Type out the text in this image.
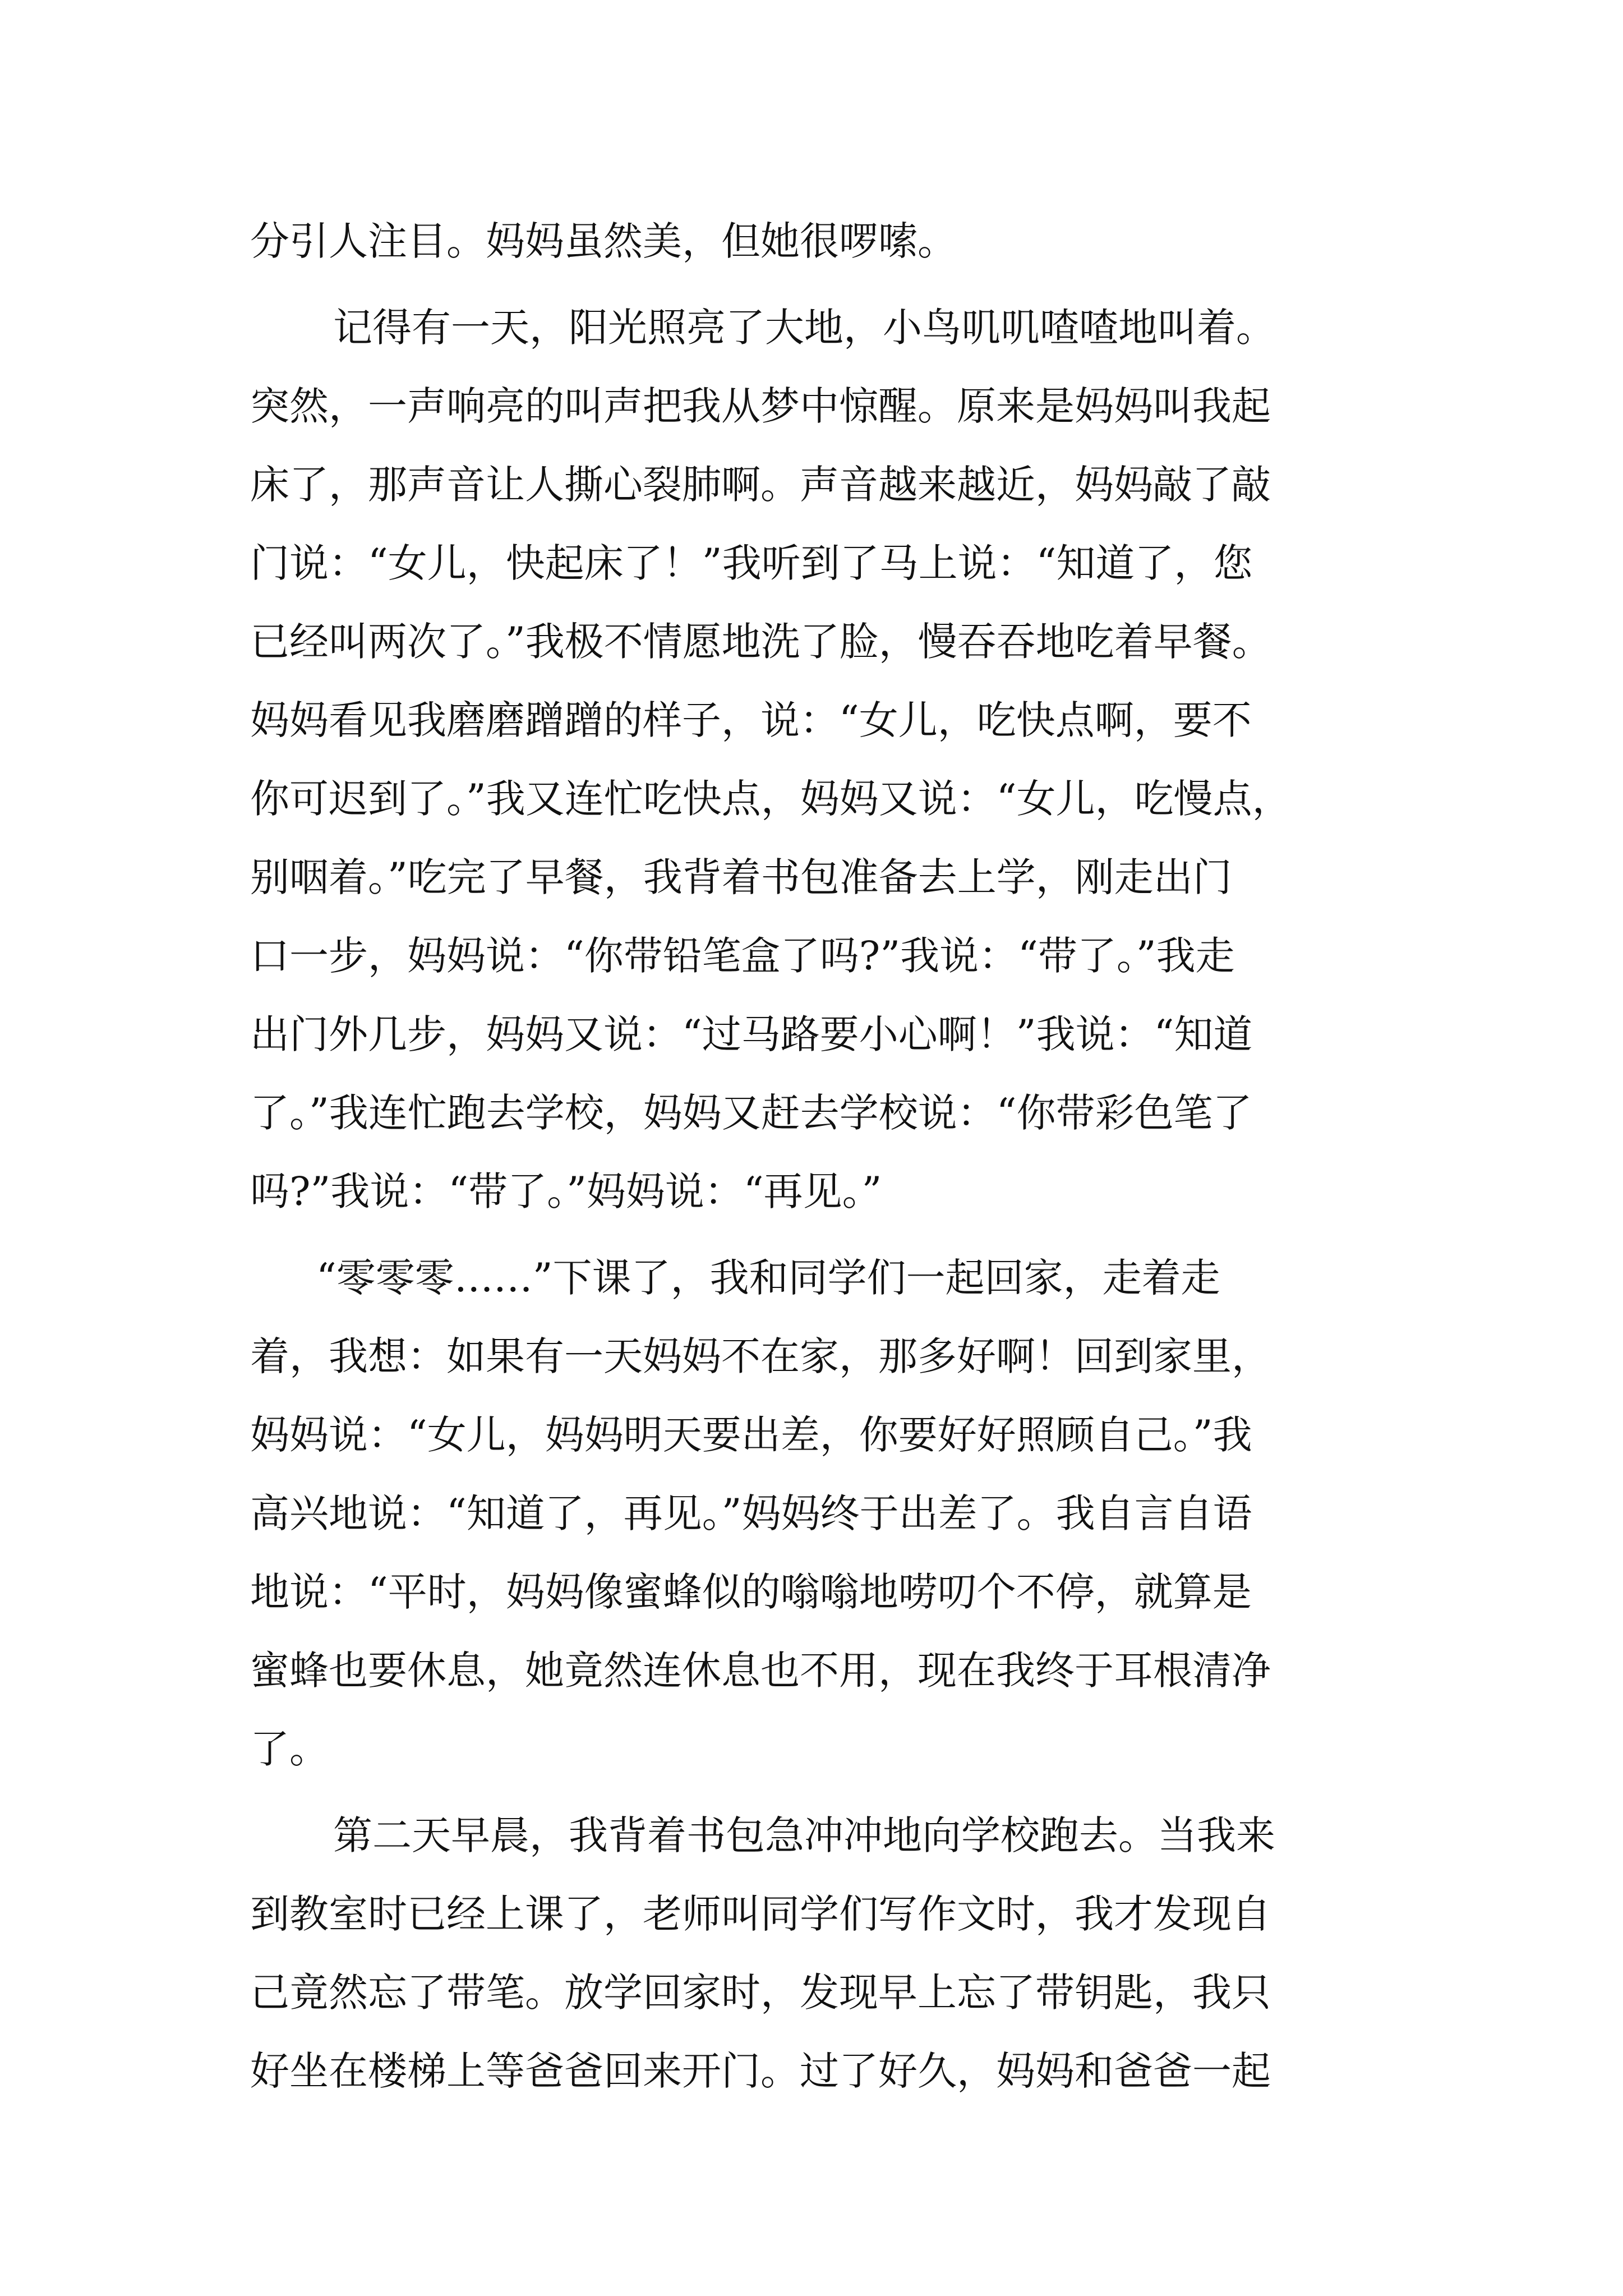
分引人注目。妈妈虽然美，但她很啰嗦。
记得有一天，阳光照亮了大地，小鸟叽叽喳喳地叫着。
突然，一声响亮的叫声把我从梦中惊醒。原来是妈妈叫我起
床了，那声音让人撕心裂肺啊。声音越来越近，妈妈敲了敲
门说：“女儿，快起床了！”我听到了马上说：“知道了，您
已经叫两次了。”我极不情愿地洗了脸，慢吞吞地吃着早餐。
妈妈看见我磨磨蹭蹭的样子，说：“女儿，吃快点啊，要不
你可迟到了。”我又连忙吃快点，妈妈又说：“女儿，吃慢点，
别咽着。”吃完了早餐，我背着书包准备去上学，刚走出门
口一步，妈妈说：“你带铅笔盒了吗?”我说：“带了。”我走
出门外几步，妈妈又说：“过马路要小心啊！”我说：“知道
了。”我连忙跑去学校，妈妈又赶去学校说：“你带彩色笔了
吗?”我说：“带了。”妈妈说：“再见。”
“零零零……”下课了，我和同学们一起回家，走着走
着，我想：如果有一天妈妈不在家，那多好啊！回到家里，
妈妈说：“女儿，妈妈明天要出差，你要好好照顾自己。”我
高兴地说：“知道了，再见。”妈妈终于出差了。我自言自语
地说：“平时，妈妈像蜜蜂似的嗡嗡地唠叨个不停，就算是
蜜蜂也要休息，她竟然连休息也不用，现在我终于耳根清净
了。
第二天早晨，我背着书包急冲冲地向学校跑去。当我来
到教室时已经上课了，老师叫同学们写作文时，我才发现自
己竟然忘了带笔。放学回家时，发现早上忘了带钥匙，我只
好坐在楼梯上等爸爸回来开门。过了好久，妈妈和爸爸一起
